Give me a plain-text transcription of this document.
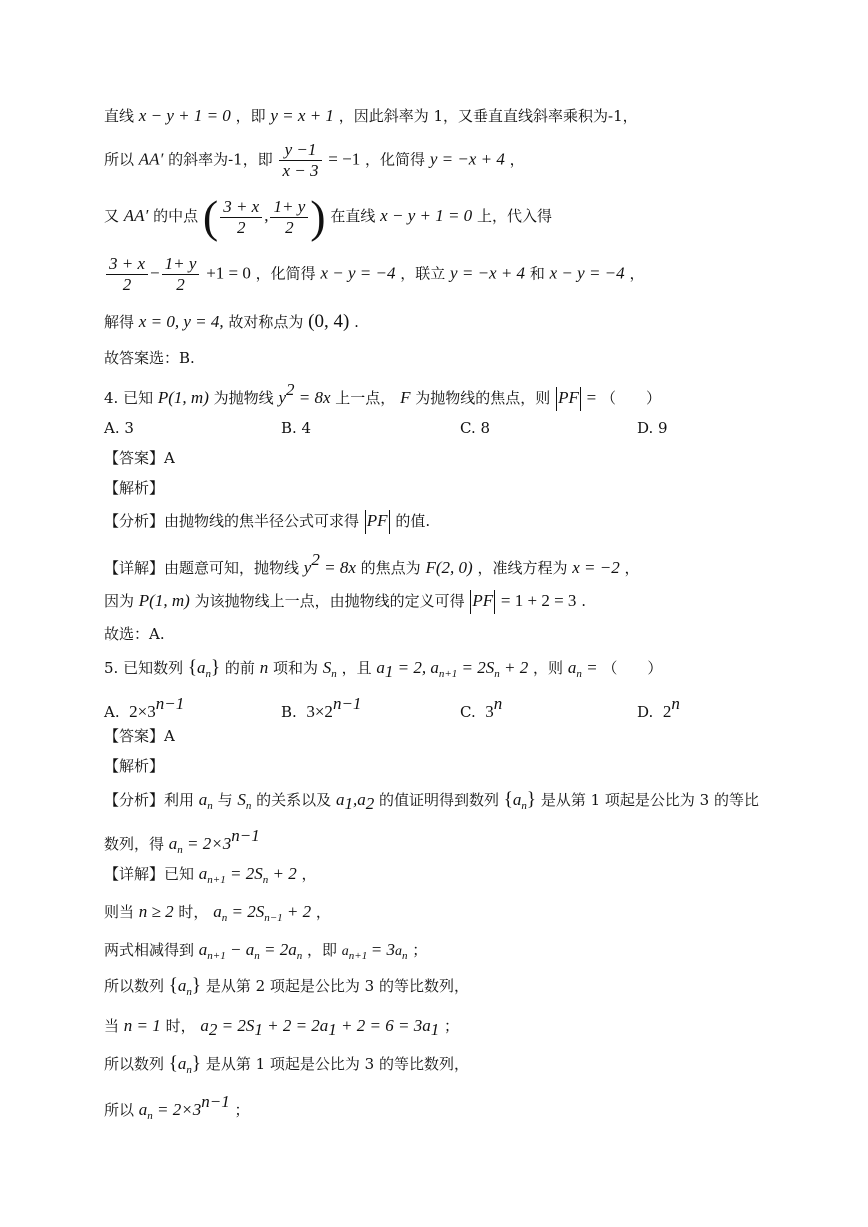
直线 x − y + 1 = 0 ，即 y = x + 1 ，因此斜率为 1，又垂直直线斜率乘积为-1，
所以 AA′ 的斜率为-1，即 $\frac{y -1}{x - 3} = -1$ ，化简得 y = −x + 4 ，
又 AA′ 的中点 ( $\frac{3 + x}{2}$ , $\frac{1+ y}{2}$ ) 在直线 x − y + 1 = 0 上，代入得
$\frac{3 + x}{2} - \frac{1+ y}{2} +1 = 0$ ，化简得 x − y = −4 ，联立 y = −x + 4 和 x − y = −4 ，
解得 x = 0, y = 4, 故对称点为 (0, 4) .
故答案选：B.
4. 已知 P(1, m) 为抛物线 $y^2 = 8x$ 上一点， F 为抛物线的焦点，则 PF = （　　）
A. 3	B. 4	C. 8	D. 9
【答案】A
【解析】
【分析】由抛物线的焦半径公式可求得 PF 的值.
【详解】由题意可知，抛物线 $y^2 = 8x$ 的焦点为 F(2, 0) ，准线方程为 x = −2 ，
因为 P(1, m) 为该抛物线上一点，由抛物线的定义可得 PF = 1 + 2 = 3 .
故选：A.
5. 已知数列 $\{a_n\}$ 的前 n 项和为 $S_n$ ，且 $a_1 = 2$, $a_{n+1} = 2S_n + 2$ ，则 $a_n$ = （　　）
A. $2\times 3^{n-1}$	B. $3\times 2^{n-1}$	C. 3$^n$	D. 2$^n$
【答案】A
【解析】
【分析】利用 $a_n$ 与 $S_n$ 的关系以及 $a_1,a_2$ 的值证明得到数列 $\{a_n\}$ 是从第 1 项起是公比为 3 的等比
数列，得 $a_n = 2\times 3^{n-1}$
【详解】已知 $a_{n+1} = 2S_n + 2$ ，
则当 n ≥ 2 时， $a_n = 2S_{n-1} + 2$ ，
两式相减得到 $a_{n+1} - a_n = 2a_n$ ，即 $a_{n+1} = 3a_n$ ；
所以数列 $\{a_n\}$ 是从第 2 项起是公比为 3 的等比数列，
当 n = 1 时， $a_2 = 2S_1 + 2 = 2a_1 + 2 = 6 = 3a_1$ ；
所以数列 $\{a_n\}$ 是从第 1 项起是公比为 3 的等比数列，
所以 $a_n = 2\times 3^{n-1}$ ；
